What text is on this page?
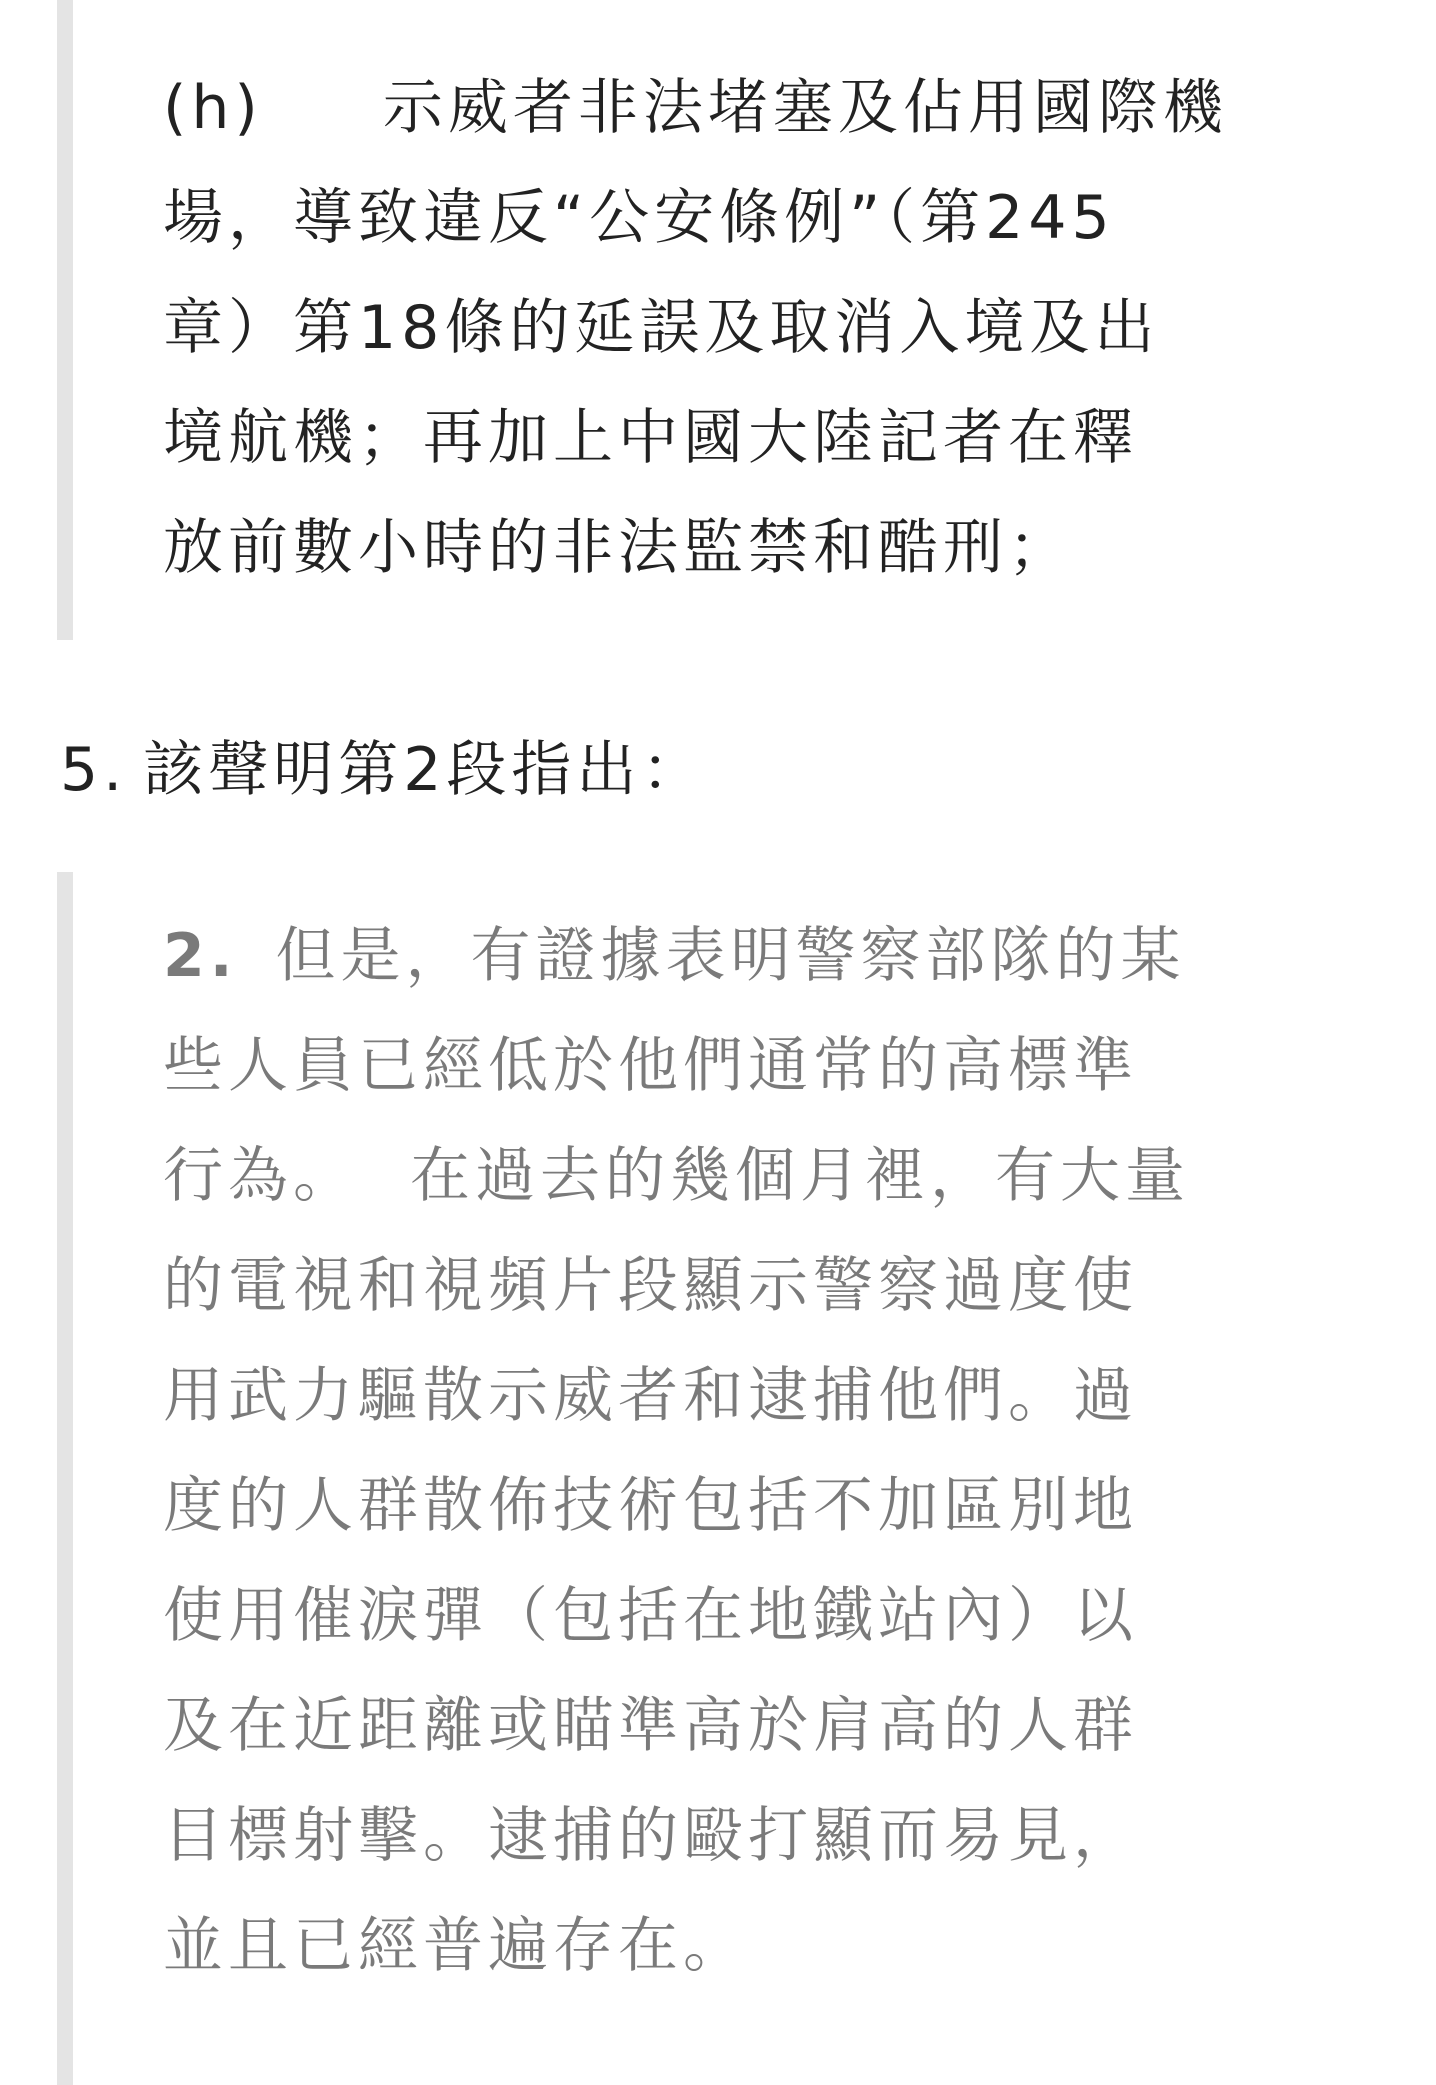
(h) 示威者非法堵塞及佔用國際機

場，導致違反“公安條例”（第245

章）第18條的延誤及取消入境及出

境航機；再加上中國大陸記者在釋

放前數小時的非法監禁和酷刑；

5. 該聲明第2段指出：

2. 但是，有證據表明警察部隊的某

些人員已經低於他們通常的高標準

行為。 在過去的幾個月裡，有大量

的電視和視頻片段顯示警察過度使

用武力驅散示威者和逮捕他們。過

度的人群散佈技術包括不加區別地

使用催淚彈（包括在地鐵站內）以

及在近距離或瞄準高於肩高的人群

目標射擊。逮捕的毆打顯而易見，

並且已經普遍存在。
